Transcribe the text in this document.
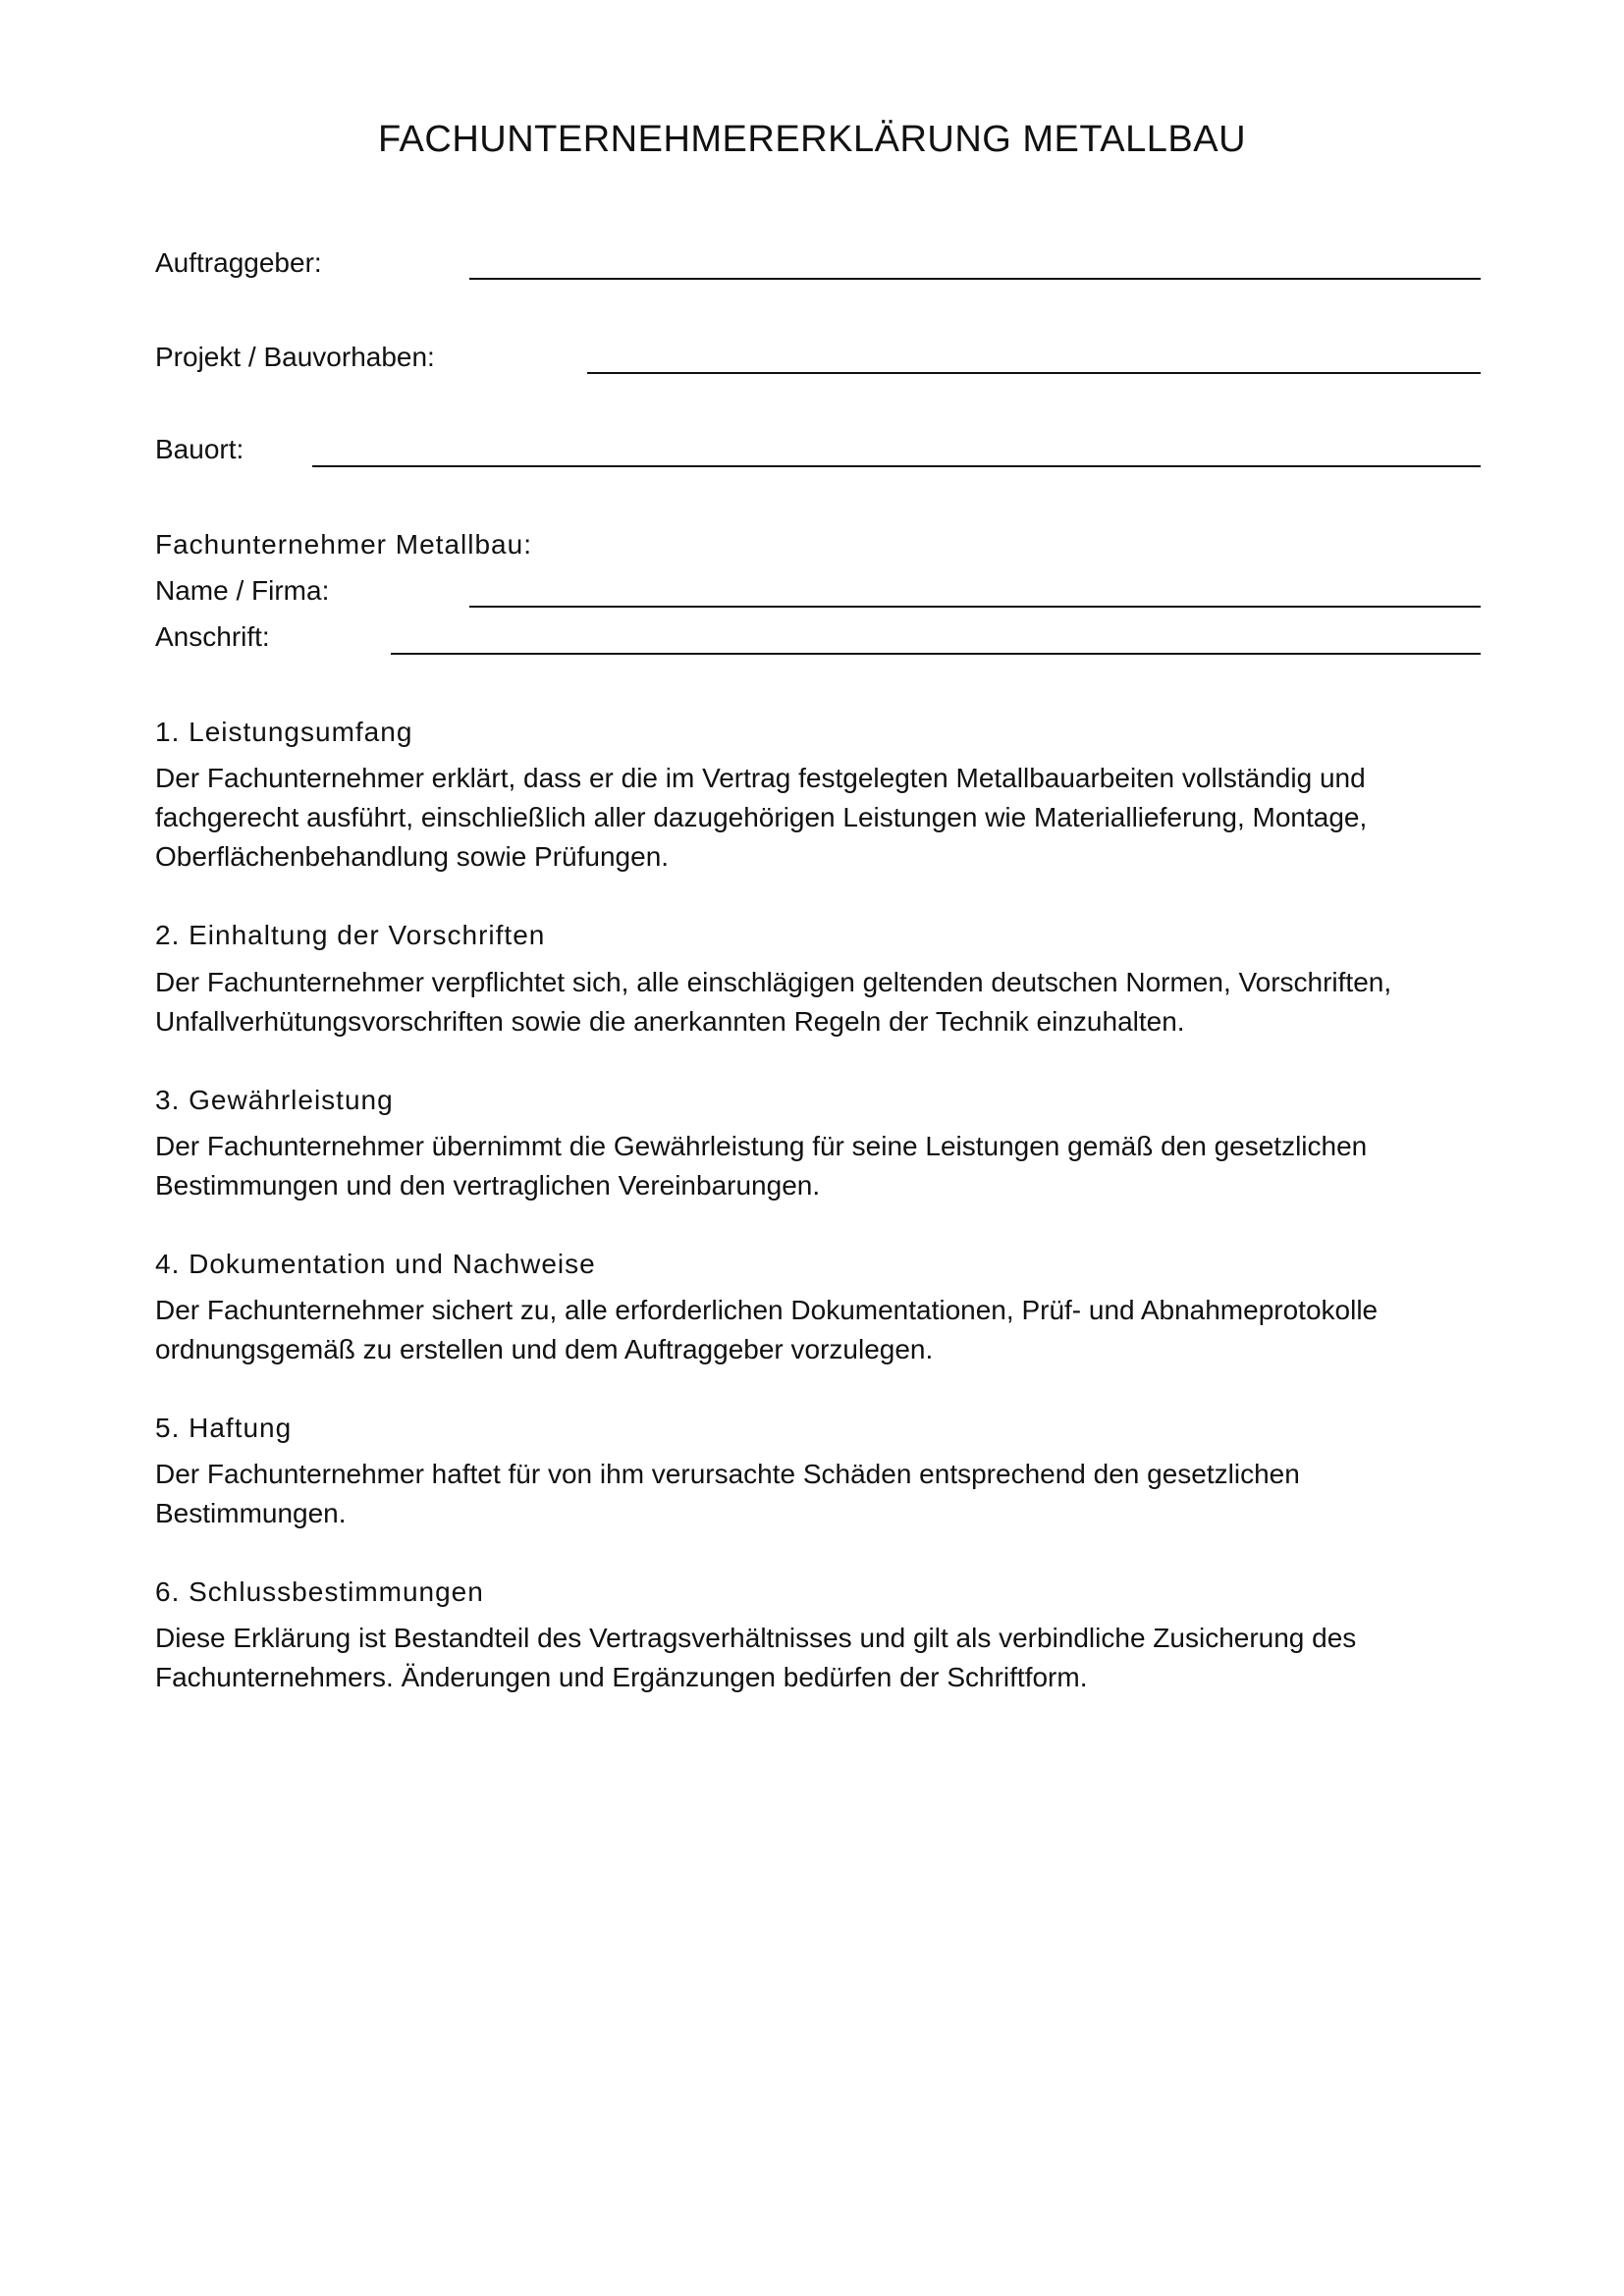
FACHUNTERNEHMERERKLÄRUNG METALLBAU
Auftraggeber:
Projekt / Bauvorhaben:
Bauort:
Fachunternehmer Metallbau:
Name / Firma:
Anschrift:
1. Leistungsumfang
Der Fachunternehmer erklärt, dass er die im Vertrag festgelegten Metallbauarbeiten vollständig und
fachgerecht ausführt, einschließlich aller dazugehörigen Leistungen wie Materiallieferung, Montage,
Oberflächenbehandlung sowie Prüfungen.
2. Einhaltung der Vorschriften
Der Fachunternehmer verpflichtet sich, alle einschlägigen geltenden deutschen Normen, Vorschriften,
Unfallverhütungsvorschriften sowie die anerkannten Regeln der Technik einzuhalten.
3. Gewährleistung
Der Fachunternehmer übernimmt die Gewährleistung für seine Leistungen gemäß den gesetzlichen
Bestimmungen und den vertraglichen Vereinbarungen.
4. Dokumentation und Nachweise
Der Fachunternehmer sichert zu, alle erforderlichen Dokumentationen, Prüf- und Abnahmeprotokolle
ordnungsgemäß zu erstellen und dem Auftraggeber vorzulegen.
5. Haftung
Der Fachunternehmer haftet für von ihm verursachte Schäden entsprechend den gesetzlichen
Bestimmungen.
6. Schlussbestimmungen
Diese Erklärung ist Bestandteil des Vertragsverhältnisses und gilt als verbindliche Zusicherung des
Fachunternehmers. Änderungen und Ergänzungen bedürfen der Schriftform.
